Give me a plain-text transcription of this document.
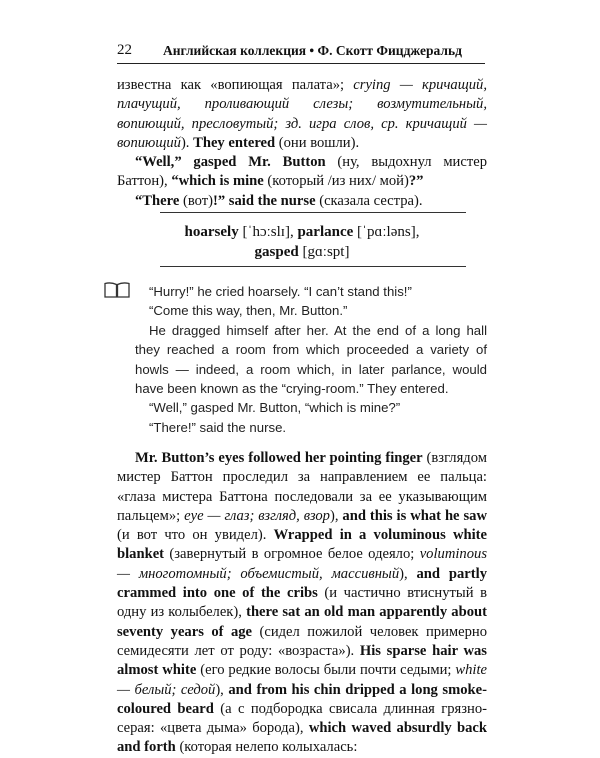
22 Английская коллекция • Ф. Скотт Фицджеральд

известна как «вопиющая палата»; crying — кричащий, плачущий, проливающий слезы; возмутительный, вопиющий, пресловутый; зд. игра слов, ср. кричащий — вопиющий). They entered (они вошли).

“Well,” gasped Mr. Button (ну, выдохнул мистер Баттон), “which is mine (который /из них/ мой)?”

“There (вот)!” said the nurse (сказала сестра).

hoarsely [ˈhɔːslɪ], parlance [ˈpɑːləns],
gasped [gɑːspt]

“Hurry!” he cried hoarsely. “I can’t stand this!”

“Come this way, then, Mr. Button.”

He dragged himself after her. At the end of a long hall they reached a room from which proceeded a variety of howls — indeed, a room which, in later parlance, would have been known as the “crying-room.” They entered.

“Well,” gasped Mr. Button, “which is mine?”

“There!” said the nurse.

Mr. Button’s eyes followed her pointing finger (взглядом мистер Баттон проследил за направлением ее пальца: «глаза мистера Баттона последовали за ее указывающим пальцем»; eye — глаз; взгляд, взор), and this is what he saw (и вот что он увидел). Wrapped in a voluminous white blanket (завернутый в огромное белое одеяло; voluminous — многотомный; объемистый, массивный), and partly crammed into one of the cribs (и частично втиснутый в одну из колыбелек), there sat an old man apparently about seventy years of age (сидел пожилой человек примерно семидесяти лет от роду: «возраста»). His sparse hair was almost white (его редкие волосы были почти седыми; white — белый; седой), and from his chin dripped a long smoke-coloured beard (а с подбородка свисала длинная грязно-серая: «цвета дыма» борода), which waved absurdly back and forth (которая нелепо колыхалась:
